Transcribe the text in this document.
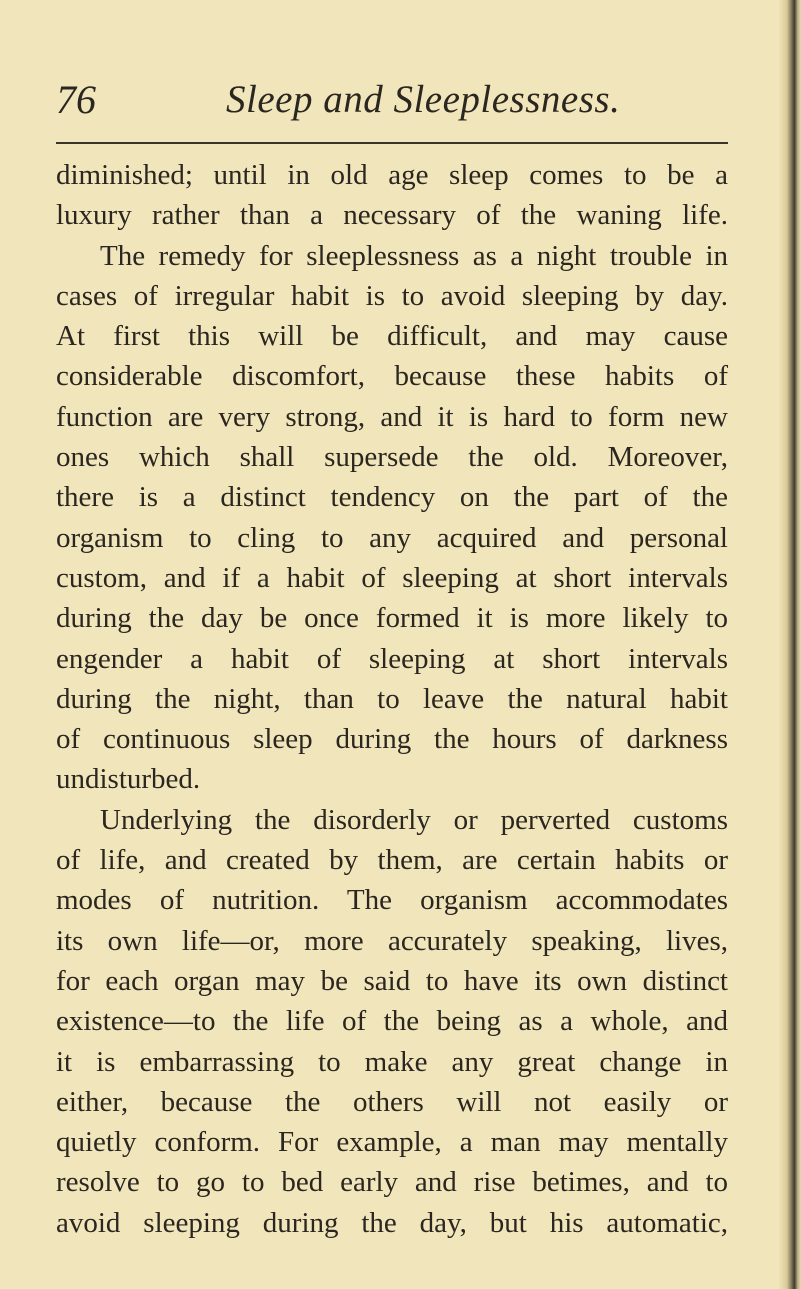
76	Sleep and Sleeplessness.
diminished; until in old age sleep comes to be a
luxury rather than a necessary of the waning life.
The remedy for sleeplessness as a night trouble in
cases of irregular habit is to avoid sleeping by day.
At first this will be difficult, and may cause
considerable discomfort, because these habits of
function are very strong, and it is hard to form new
ones which shall supersede the old. Moreover,
there is a distinct tendency on the part of the
organism to cling to any acquired and personal
custom, and if a habit of sleeping at short intervals
during the day be once formed it is more likely to
engender a habit of sleeping at short intervals
during the night, than to leave the natural habit
of continuous sleep during the hours of darkness
undisturbed.
Underlying the disorderly or perverted customs
of life, and created by them, are certain habits or
modes of nutrition. The organism accommodates
its own life—or, more accurately speaking, lives,
for each organ may be said to have its own distinct
existence—to the life of the being as a whole, and
it is embarrassing to make any great change in
either, because the others will not easily or
quietly conform. For example, a man may mentally
resolve to go to bed early and rise betimes, and to
avoid sleeping during the day, but his automatic,
